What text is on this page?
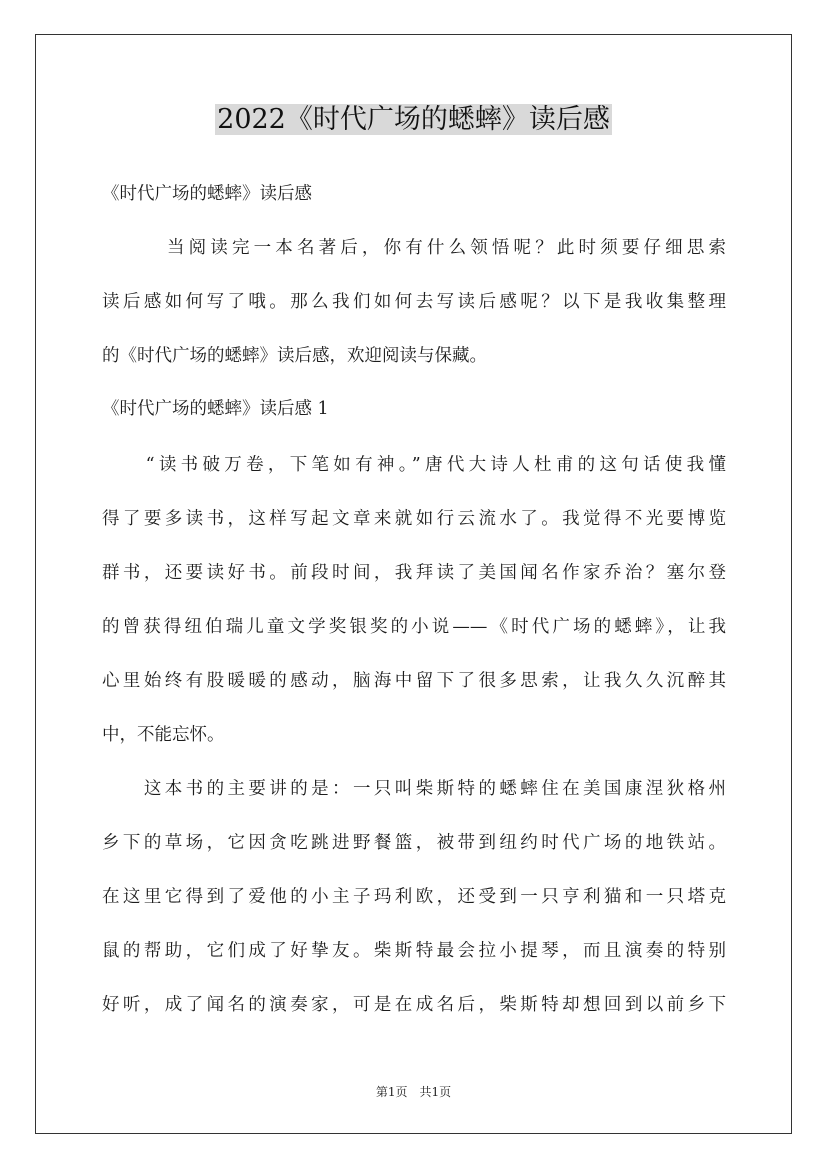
2022《时代广场的蟋蟀》读后感
《时代广场的蟋蟀》读后感
　　　当阅读完一本名著后，你有什么领悟呢？此时须要仔细思索
读后感如何写了哦。那么我们如何去写读后感呢？以下是我收集整理
的《时代广场的蟋蟀》读后感，欢迎阅读与保藏。
《时代广场的蟋蟀》读后感 1
　　“读书破万卷，下笔如有神。”唐代大诗人杜甫的这句话使我懂
得了要多读书，这样写起文章来就如行云流水了。我觉得不光要博览
群书，还要读好书。前段时间，我拜读了美国闻名作家乔治？塞尔登
的曾获得纽伯瑞儿童文学奖银奖的小说——《时代广场的蟋蟀》，让我
心里始终有股暖暖的感动，脑海中留下了很多思索，让我久久沉醉其
中，不能忘怀。
　　这本书的主要讲的是：一只叫柴斯特的蟋蟀住在美国康涅狄格州
乡下的草场，它因贪吃跳进野餐篮，被带到纽约时代广场的地铁站。
在这里它得到了爱他的小主子玛利欧，还受到一只亨利猫和一只塔克
鼠的帮助，它们成了好挚友。柴斯特最会拉小提琴，而且演奏的特别
好听，成了闻名的演奏家，可是在成名后，柴斯特却想回到以前乡下
第1页　共1页
